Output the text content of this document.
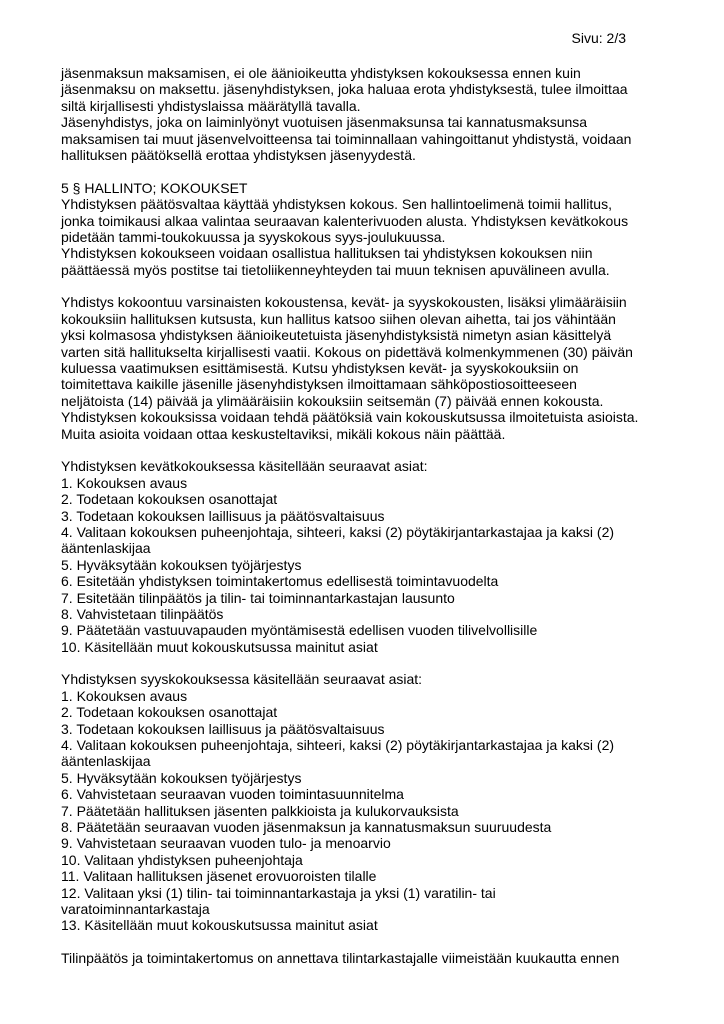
Sivu: 2/3
jäsenmaksun maksamisen, ei ole äänioikeutta yhdistyksen kokouksessa ennen kuin
jäsenmaksu on maksettu. jäsenyhdistyksen, joka haluaa erota yhdistyksestä, tulee ilmoittaa
siltä kirjallisesti yhdistyslaissa määrätyllä tavalla.
Jäsenyhdistys, joka on laiminlyönyt vuotuisen jäsenmaksunsa tai kannatusmaksunsa
maksamisen tai muut jäsenvelvoitteensa tai toiminnallaan vahingoittanut yhdistystä, voidaan
hallituksen päätöksellä erottaa yhdistyksen jäsenyydestä.
5 § HALLINTO; KOKOUKSET
Yhdistyksen päätösvaltaa käyttää yhdistyksen kokous. Sen hallintoelimenä toimii hallitus,
jonka toimikausi alkaa valintaa seuraavan kalenterivuoden alusta. Yhdistyksen kevätkokous
pidetään tammi-toukokuussa ja syyskokous syys-joulukuussa.
Yhdistyksen kokoukseen voidaan osallistua hallituksen tai yhdistyksen kokouksen niin
päättäessä myös postitse tai tietoliikenneyhteyden tai muun teknisen apuvälineen avulla.
Yhdistys kokoontuu varsinaisten kokoustensa, kevät- ja syyskokousten, lisäksi ylimääräisiin
kokouksiin hallituksen kutsusta, kun hallitus katsoo siihen olevan aihetta, tai jos vähintään
yksi kolmasosa yhdistyksen äänioikeutetuista jäsenyhdistyksistä nimetyn asian käsittelyä
varten sitä hallitukselta kirjallisesti vaatii. Kokous on pidettävä kolmenkymmenen (30) päivän
kuluessa vaatimuksen esittämisestä. Kutsu yhdistyksen kevät- ja syyskokouksiin on
toimitettava kaikille jäsenille jäsenyhdistyksen ilmoittamaan sähköpostiosoitteeseen
neljätoista (14) päivää ja ylimääräisiin kokouksiin seitsemän (7) päivää ennen kokousta.
Yhdistyksen kokouksissa voidaan tehdä päätöksiä vain kokouskutsussa ilmoitetuista asioista.
Muita asioita voidaan ottaa keskusteltaviksi, mikäli kokous näin päättää.
Yhdistyksen kevätkokouksessa käsitellään seuraavat asiat:
1. Kokouksen avaus
2. Todetaan kokouksen osanottajat
3. Todetaan kokouksen laillisuus ja päätösvaltaisuus
4. Valitaan kokouksen puheenjohtaja, sihteeri, kaksi (2) pöytäkirjantarkastajaa ja kaksi (2)
ääntenlaskijaa
5. Hyväksytään kokouksen työjärjestys
6. Esitetään yhdistyksen toimintakertomus edellisestä toimintavuodelta
7. Esitetään tilinpäätös ja tilin- tai toiminnantarkastajan lausunto
8. Vahvistetaan tilinpäätös
9. Päätetään vastuuvapauden myöntämisestä edellisen vuoden tilivelvollisille
10. Käsitellään muut kokouskutsussa mainitut asiat
Yhdistyksen syyskokouksessa käsitellään seuraavat asiat:
1. Kokouksen avaus
2. Todetaan kokouksen osanottajat
3. Todetaan kokouksen laillisuus ja päätösvaltaisuus
4. Valitaan kokouksen puheenjohtaja, sihteeri, kaksi (2) pöytäkirjantarkastajaa ja kaksi (2)
ääntenlaskijaa
5. Hyväksytään kokouksen työjärjestys
6. Vahvistetaan seuraavan vuoden toimintasuunnitelma
7. Päätetään hallituksen jäsenten palkkioista ja kulukorvauksista
8. Päätetään seuraavan vuoden jäsenmaksun ja kannatusmaksun suuruudesta
9. Vahvistetaan seuraavan vuoden tulo- ja menoarvio
10. Valitaan yhdistyksen puheenjohtaja
11. Valitaan hallituksen jäsenet erovuoroisten tilalle
12. Valitaan yksi (1) tilin- tai toiminnantarkastaja ja yksi (1) varatilin- tai
varatoiminnantarkastaja
13. Käsitellään muut kokouskutsussa mainitut asiat
Tilinpäätös ja toimintakertomus on annettava tilintarkastajalle viimeistään kuukautta ennen
